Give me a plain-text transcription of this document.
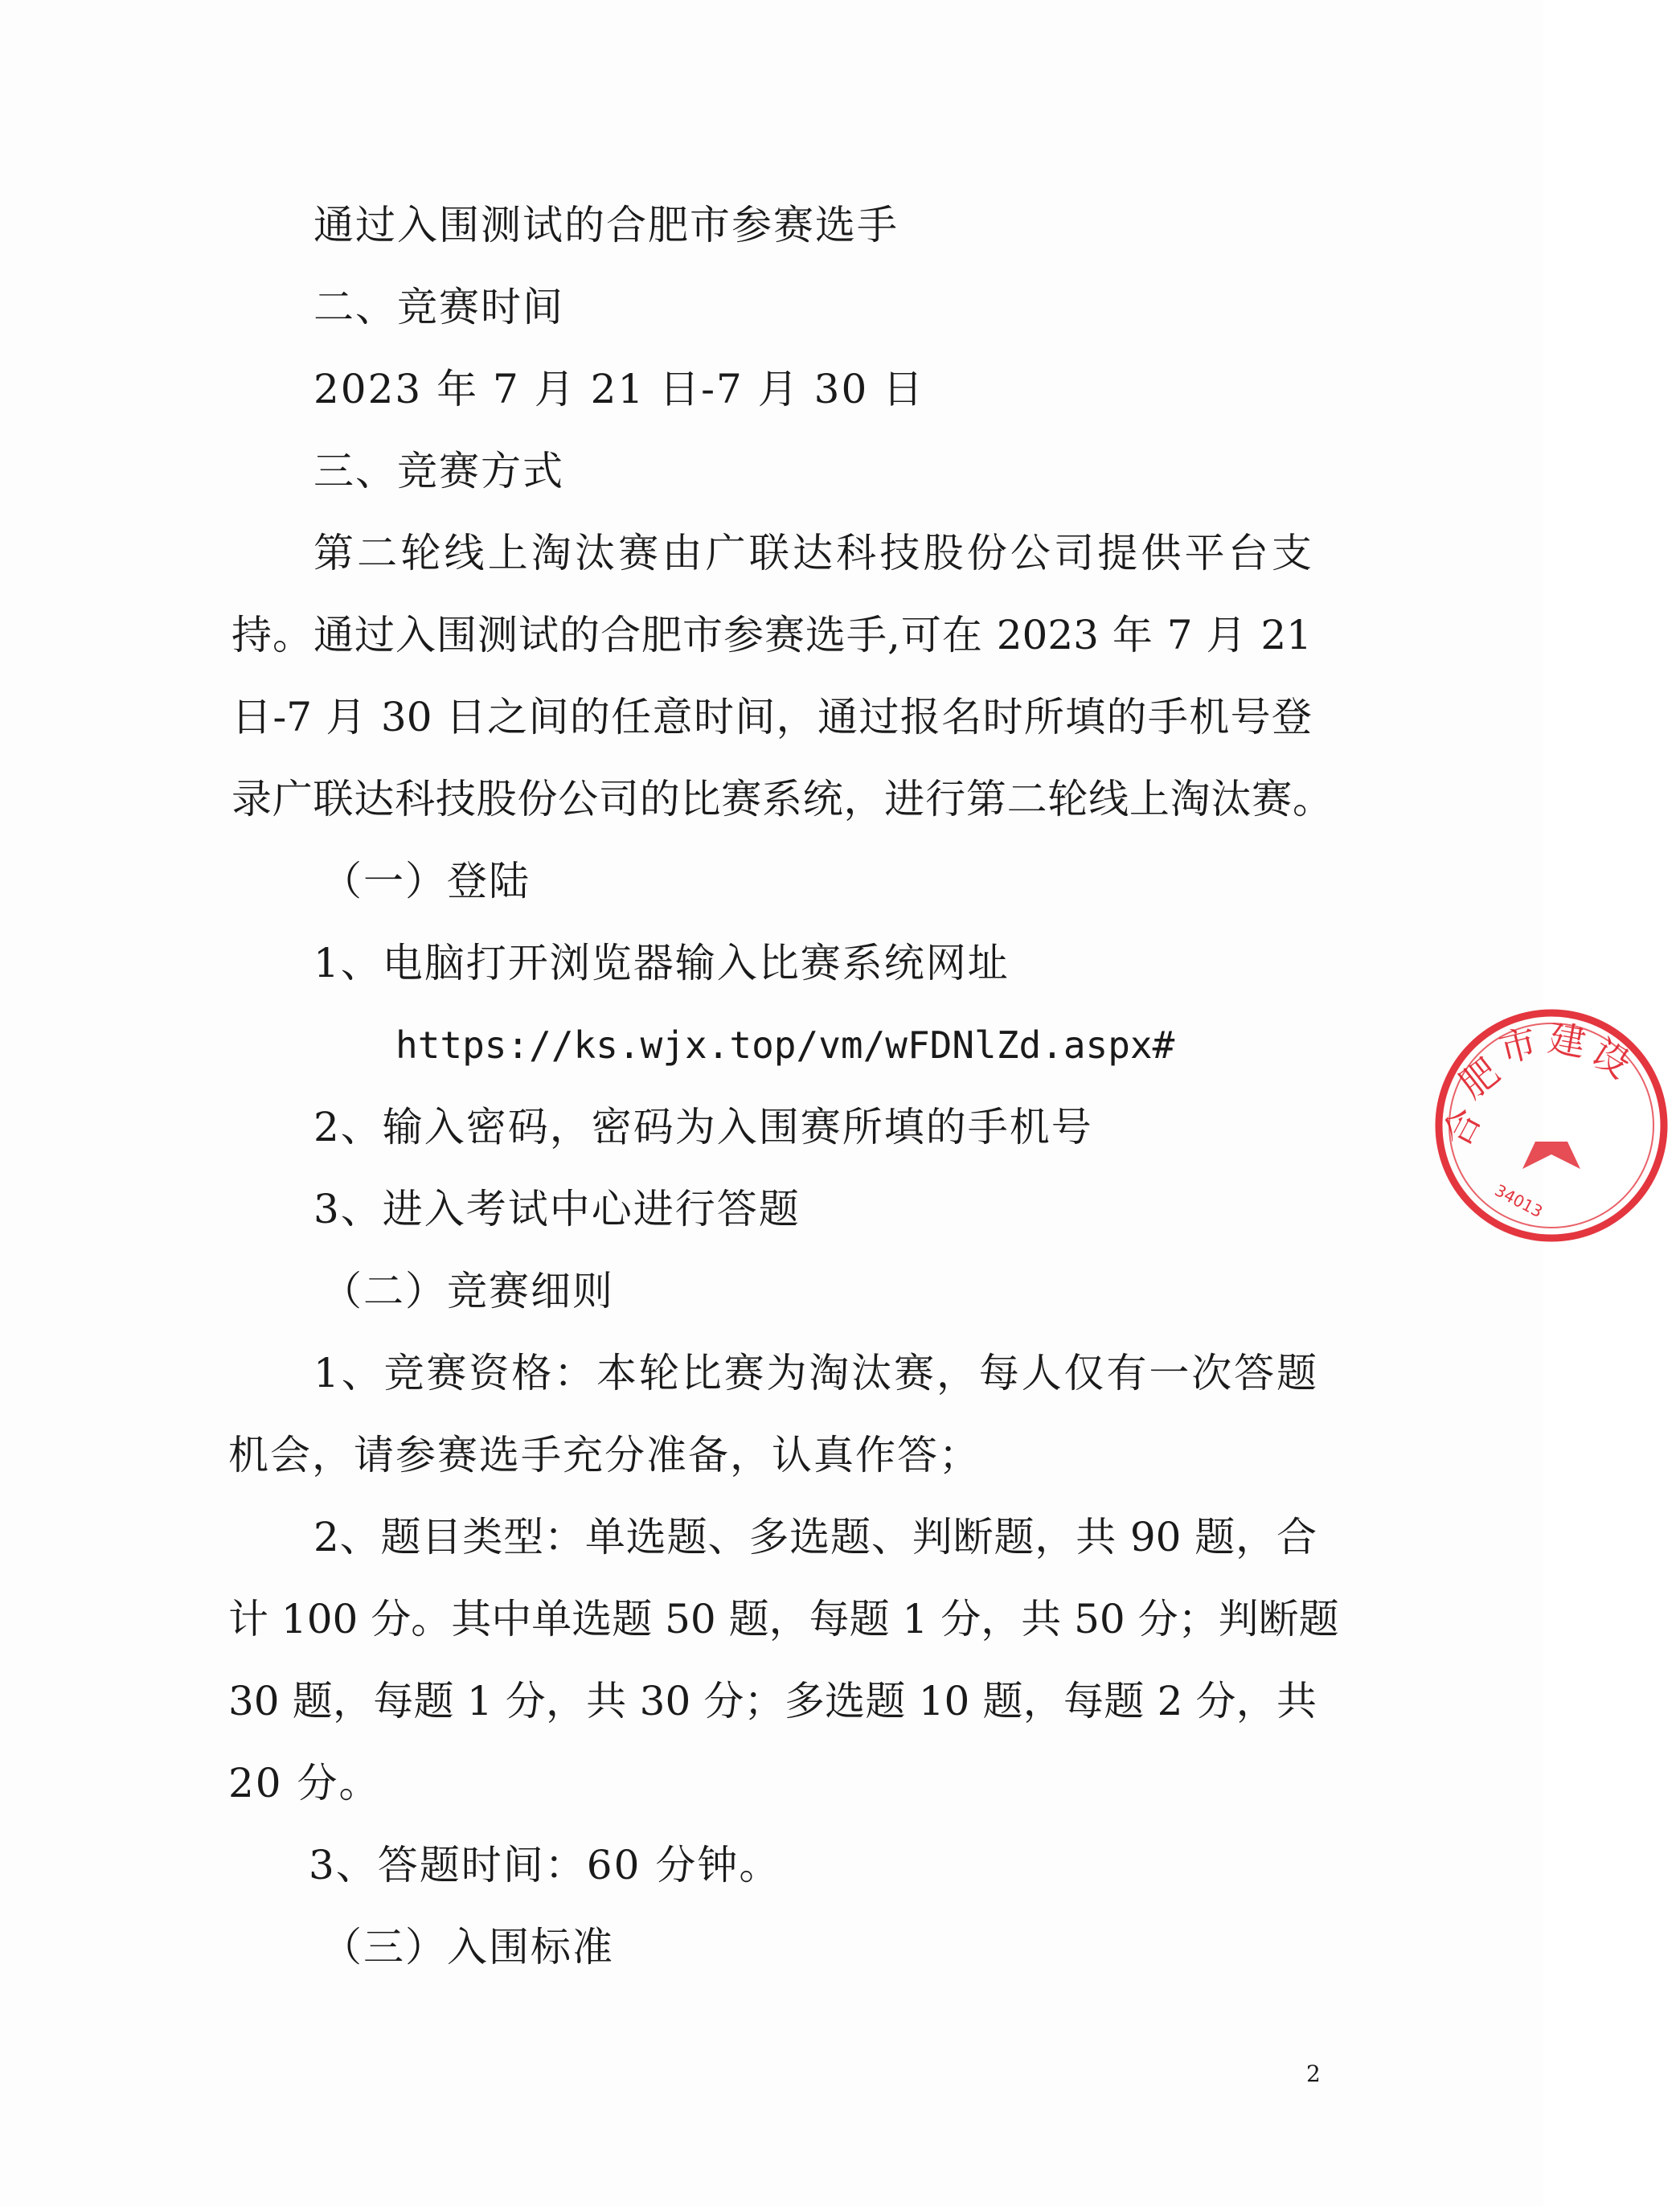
通过入围测试的合肥市参赛选手
二、竞赛时间
2023 年 7 月 21 日-7 月 30 日
三、竞赛方式
第二轮线上淘汰赛由广联达科技股份公司提供平台支
持。通过入围测试的合肥市参赛选手,可在 2023 年 7 月 21
日-7 月 30 日之间的任意时间，通过报名时所填的手机号登
录广联达科技股份公司的比赛系统，进行第二轮线上淘汰赛。
（一）登陆
1、电脑打开浏览器输入比赛系统网址
https://ks.wjx.top/vm/wFDNlZd.aspx#
2、输入密码，密码为入围赛所填的手机号
3、进入考试中心进行答题
（二）竞赛细则
1、竞赛资格：本轮比赛为淘汰赛，每人仅有一次答题
机会，请参赛选手充分准备，认真作答；
2、题目类型：单选题、多选题、判断题，共 90 题，合
计 100 分。其中单选题 50 题，每题 1 分，共 50 分；判断题
30 题，每题 1 分，共 30 分；多选题 10 题，每题 2 分，共
20 分。
3、答题时间：60 分钟。
（三）入围标准
2
合
肥
市 建
设
34013
